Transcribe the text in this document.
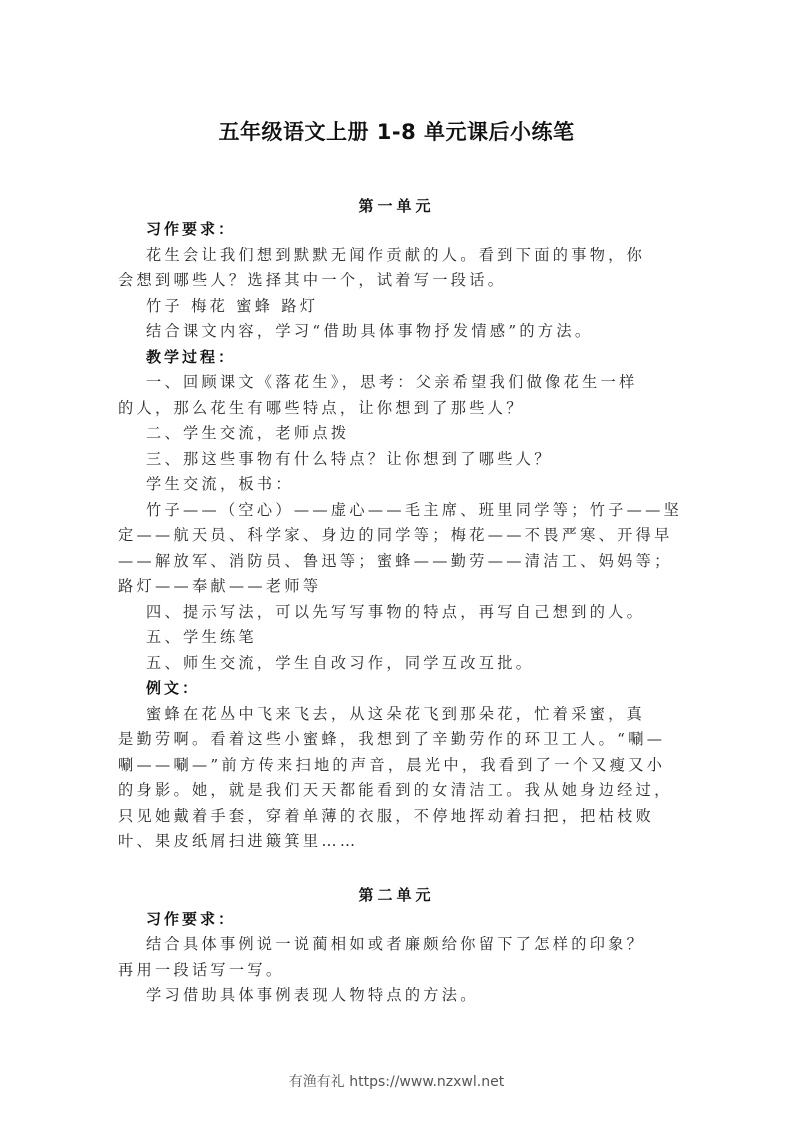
五年级语文上册 1-8 单元课后小练笔
第一单元
习作要求：
花生会让我们想到默默无闻作贡献的人。看到下面的事物，你
会想到哪些人？选择其中一个，试着写一段话。
竹子 梅花 蜜蜂 路灯
结合课文内容，学习“借助具体事物抒发情感”的方法。
教学过程：
一、回顾课文《落花生》，思考：父亲希望我们做像花生一样
的人，那么花生有哪些特点，让你想到了那些人？
二、学生交流，老师点拨
三、那这些事物有什么特点？让你想到了哪些人？
学生交流，板书：
竹子——（空心）——虚心——毛主席、班里同学等；竹子——坚
定——航天员、科学家、身边的同学等；梅花——不畏严寒、开得早
——解放军、消防员、鲁迅等；蜜蜂——勤劳——清洁工、妈妈等；
路灯——奉献——老师等
四、提示写法，可以先写写事物的特点，再写自己想到的人。
五、学生练笔
五、师生交流，学生自改习作，同学互改互批。
例文：
蜜蜂在花丛中飞来飞去，从这朵花飞到那朵花，忙着采蜜，真
是勤劳啊。看着这些小蜜蜂，我想到了辛勤劳作的环卫工人。“唰—
唰——唰—”前方传来扫地的声音，晨光中，我看到了一个又瘦又小
的身影。她，就是我们天天都能看到的女清洁工。我从她身边经过，
只见她戴着手套，穿着单薄的衣服，不停地挥动着扫把，把枯枝败
叶、果皮纸屑扫进簸箕里……
第二单元
习作要求：
结合具体事例说一说蔺相如或者廉颇给你留下了怎样的印象？
再用一段话写一写。
学习借助具体事例表现人物特点的方法。
有渔有礼 https://www.nzxwl.net
